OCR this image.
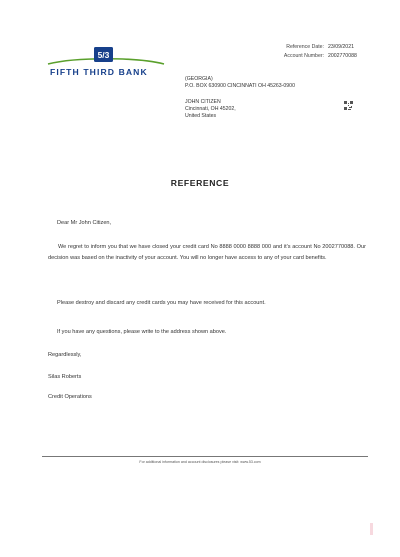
5/3
FIFTH THIRD BANK
Reference Date: 23/09/2021
Account Number: 2002770088
(GEORGIA)
P.O. BOX 630900 CINCINNATI OH 45263-0900
JOHN CITIZEN
Cincinnati, OH 45202,
United States
REFERENCE
Dear Mr John Citizen,
We regret to inform you that we have closed your credit card No 8888 0000 8888 000 and it's account No 2002770088. Our decision was based on the inactivity of your account. You will no longer have access to any of your card benefits.
Please destroy and discard any credit cards you may have received for this account.
If you have any questions, please write to the address shown above.
Regardlessly,
Silas Roberts
Credit Operations
For additional information and account disclosures please visit: www.53.com
